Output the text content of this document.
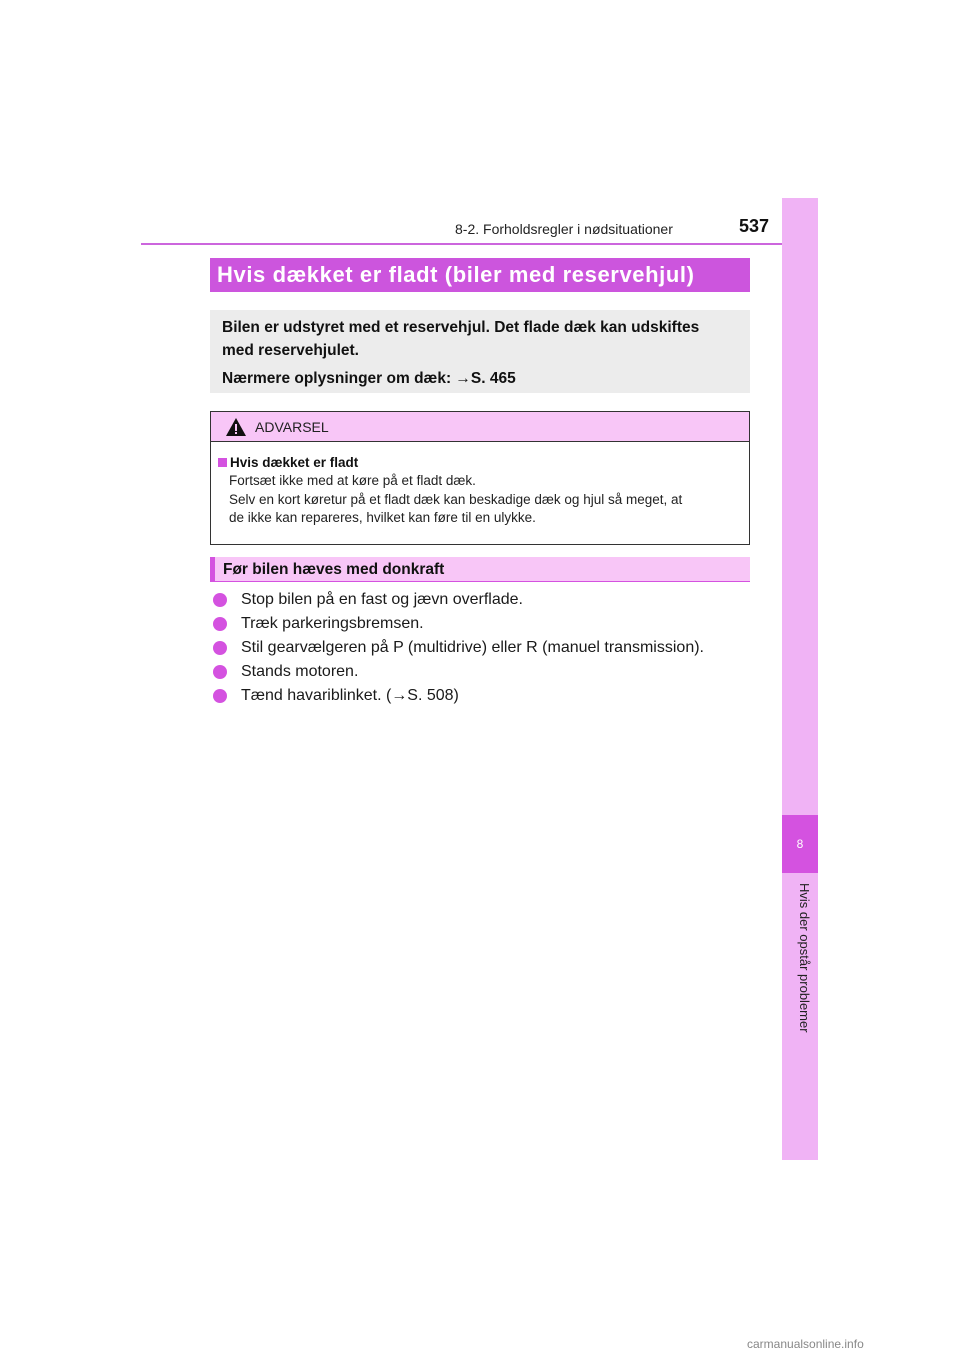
8-2. Forholdsregler i nødsituationer	537
8
Hvis der opstår problemer
Hvis dækket er fladt (biler med reservehjul)
Bilen er udstyret med et reservehjul. Det flade dæk kan udskiftes
med reservehjulet.
Nærmere oplysninger om dæk: →S. 465
ADVARSEL
Hvis dækket er fladt
Fortsæt ikke med at køre på et fladt dæk.
Selv en kort køretur på et fladt dæk kan beskadige dæk og hjul så meget, at
de ikke kan repareres, hvilket kan føre til en ulykke.
Før bilen hæves med donkraft
Stop bilen på en fast og jævn overflade.
Træk parkeringsbremsen.
Stil gearvælgeren på P (multidrive) eller R (manuel transmission).
Stands motoren.
Tænd havariblinket. (→S. 508)
carmanualsonline.info
